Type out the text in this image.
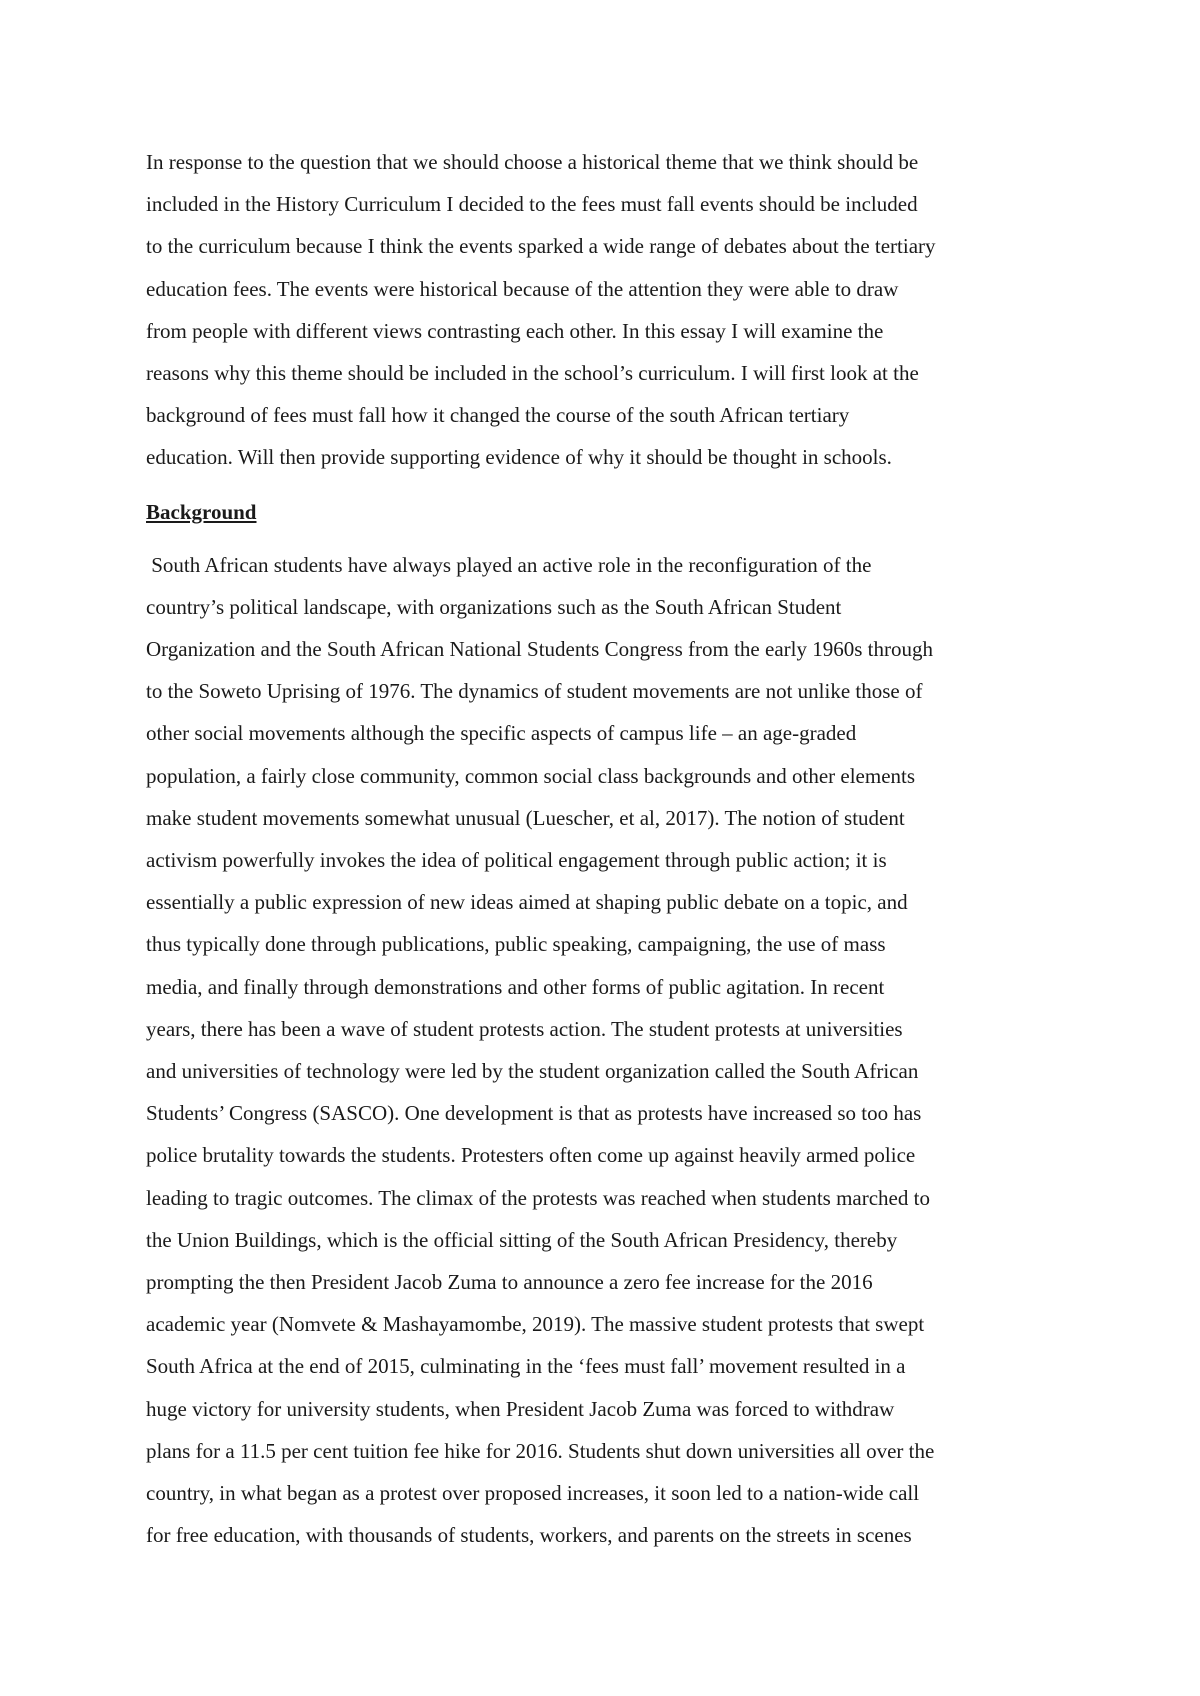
In response to the question that we should choose a historical theme that we think should be
included in the History Curriculum I decided to the fees must fall events should be included
to the curriculum because I think the events sparked a wide range of debates about the tertiary
education fees. The events were historical because of the attention they were able to draw
from people with different views contrasting each other. In this essay I will examine the
reasons why this theme should be included in the school’s curriculum. I will first look at the
background of fees must fall how it changed the course of the south African tertiary
education. Will then provide supporting evidence of why it should be thought in schools.

Background

South African students have always played an active role in the reconfiguration of the
country’s political landscape, with organizations such as the South African Student
Organization and the South African National Students Congress from the early 1960s through
to the Soweto Uprising of 1976. The dynamics of student movements are not unlike those of
other social movements although the specific aspects of campus life – an age-graded
population, a fairly close community, common social class backgrounds and other elements
make student movements somewhat unusual (Luescher, et al, 2017). The notion of student
activism powerfully invokes the idea of political engagement through public action; it is
essentially a public expression of new ideas aimed at shaping public debate on a topic, and
thus typically done through publications, public speaking, campaigning, the use of mass
media, and finally through demonstrations and other forms of public agitation. In recent
years, there has been a wave of student protests action. The student protests at universities
and universities of technology were led by the student organization called the South African
Students’ Congress (SASCO). One development is that as protests have increased so too has
police brutality towards the students. Protesters often come up against heavily armed police
leading to tragic outcomes. The climax of the protests was reached when students marched to
the Union Buildings, which is the official sitting of the South African Presidency, thereby
prompting the then President Jacob Zuma to announce a zero fee increase for the 2016
academic year (Nomvete & Mashayamombe, 2019). The massive student protests that swept
South Africa at the end of 2015, culminating in the ‘fees must fall’ movement resulted in a
huge victory for university students, when President Jacob Zuma was forced to withdraw
plans for a 11.5 per cent tuition fee hike for 2016. Students shut down universities all over the
country, in what began as a protest over proposed increases, it soon led to a nation-wide call
for free education, with thousands of students, workers, and parents on the streets in scenes
